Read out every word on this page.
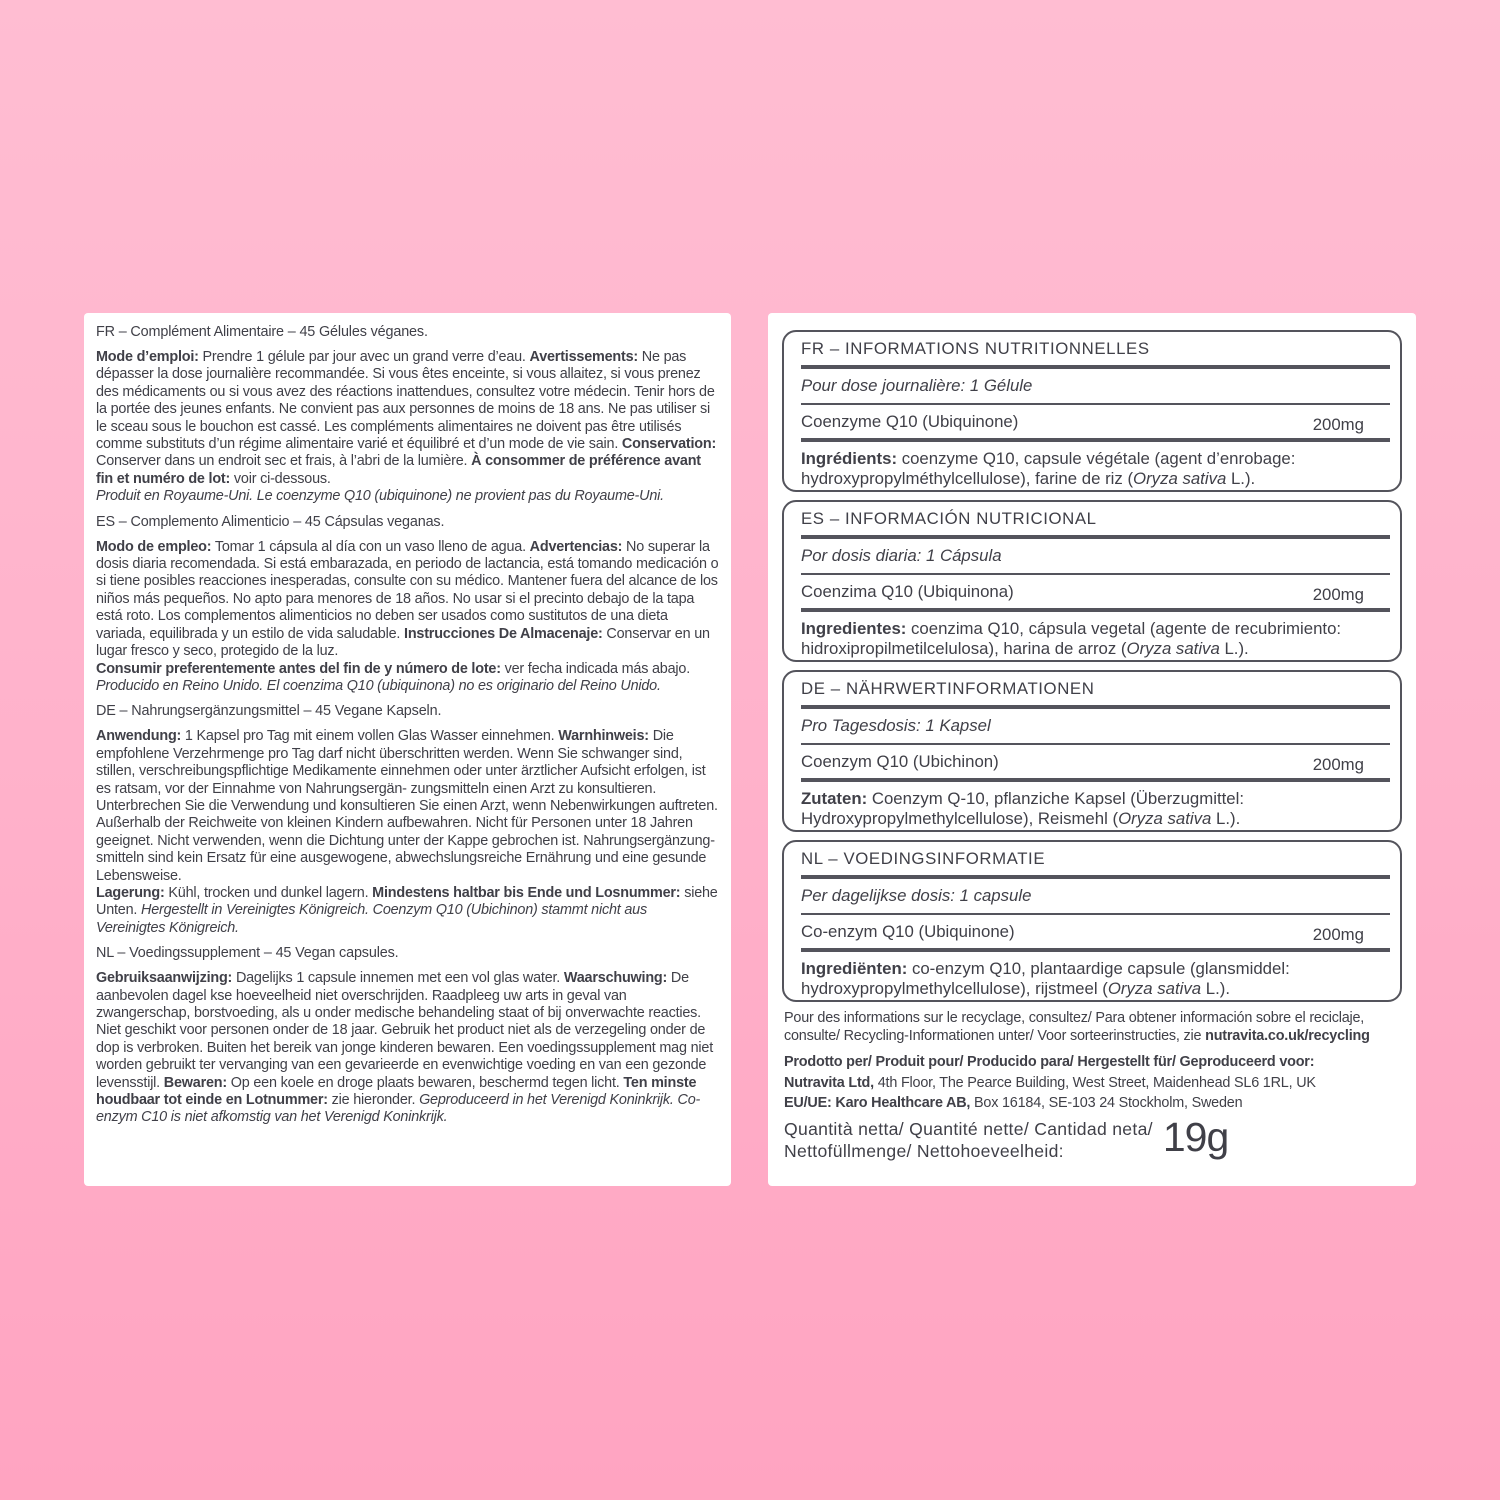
FR – Complément Alimentaire – 45 Gélules véganes.
Mode d’emploi: Prendre 1 gélule par jour avec un grand verre d’eau. Avertissements: Ne pas dépasser la dose journalière recommandée. Si vous êtes enceinte, si vous allaitez, si vous prenez des médicaments ou si vous avez des réactions inattendues, consultez votre médecin. Tenir hors de la portée des jeunes enfants. Ne convient pas aux personnes de moins de 18 ans. Ne pas utiliser si le sceau sous le bouchon est cassé. Les compléments alimentaires ne doivent pas être utilisés comme substituts d’un régime alimentaire varié et équilibré et d’un mode de vie sain. Conservation: Conserver dans un endroit sec et frais, à l’abri de la lumière. À consommer de préférence avant fin et numéro de lot: voir ci-dessous.
Produit en Royaume-Uni. Le coenzyme Q10 (ubiquinone) ne provient pas du Royaume-Uni.
ES – Complemento Alimenticio – 45 Cápsulas veganas.
Modo de empleo: Tomar 1 cápsula al día con un vaso lleno de agua. Advertencias: No superar la dosis diaria recomendada. Si está embarazada, en periodo de lactancia, está tomando medicación o si tiene posibles reacciones inesperadas, consulte con su médico. Mantener fuera del alcance de los niños más pequeños. No apto para menores de 18 años. No usar si el precinto debajo de la tapa está roto. Los complementos alimenticios no deben ser usados como sustitutos de una dieta variada, equilibrada y un estilo de vida saludable. Instrucciones De Almacenaje: Conservar en un lugar fresco y seco, protegido de la luz.
Consumir preferentemente antes del fin de y número de lote: ver fecha indicada más abajo.
Producido en Reino Unido. El coenzima Q10 (ubiquinona) no es originario del Reino Unido.
DE – Nahrungsergänzungsmittel – 45 Vegane Kapseln.
Anwendung: 1 Kapsel pro Tag mit einem vollen Glas Wasser einnehmen. Warnhinweis: Die empfohlene Verzehrmenge pro Tag darf nicht überschritten werden. Wenn Sie schwanger sind, stillen, verschreibungspflichtige Medikamente einnehmen oder unter ärztlicher Aufsicht erfolgen, ist es ratsam, vor der Einnahme von Nahrungsergän- zungsmitteln einen Arzt zu konsultieren. Unterbrechen Sie die Verwendung und konsultieren Sie einen Arzt, wenn Nebenwirkungen auftreten. Außerhalb der Reichweite von kleinen Kindern aufbewahren. Nicht für Personen unter 18 Jahren geeignet. Nicht verwenden, wenn die Dichtung unter der Kappe gebrochen ist. Nahrungsergänzung- smitteln sind kein Ersatz für eine ausgewogene, abwechslungsreiche Ernährung und eine gesunde Lebensweise.
Lagerung: Kühl, trocken und dunkel lagern. Mindestens haltbar bis Ende und Losnummer: siehe Unten. Hergestellt in Vereinigtes Königreich. Coenzym Q10 (Ubichinon) stammt nicht aus Vereinigtes Königreich.
NL – Voedingssupplement – 45 Vegan capsules.
Gebruiksaanwijzing: Dagelijks 1 capsule innemen met een vol glas water. Waarschuwing: De aanbevolen dagel kse hoeveelheid niet overschrijden. Raadpleeg uw arts in geval van zwangerschap, borstvoeding, als u onder medische behandeling staat of bij onverwachte reacties. Niet geschikt voor personen onder de 18 jaar. Gebruik het product niet als de verzegeling onder de dop is verbroken. Buiten het bereik van jonge kinderen bewaren. Een voedingssupplement mag niet worden gebruikt ter vervanging van een gevarieerde en evenwichtige voeding en van een gezonde levensstijl. Bewaren: Op een koele en droge plaats bewaren, beschermd tegen licht. Ten minste houdbaar tot einde en Lotnummer: zie hieronder. Geproduceerd in het Verenigd Koninkrijk. Co-enzym C10 is niet afkomstig van het Verenigd Koninkrijk.
FR – INFORMATIONS NUTRITIONNELLES
Pour dose journalière: 1 Gélule
Coenzyme Q10 (Ubiquinone)	200mg
Ingrédients: coenzyme Q10, capsule végétale (agent d’enrobage: hydroxypropylméthylcellulose), farine de riz (Oryza sativa L.).
ES – INFORMACIÓN NUTRICIONAL
Por dosis diaria: 1 Cápsula
Coenzima Q10 (Ubiquinona)	200mg
Ingredientes: coenzima Q10, cápsula vegetal (agente de recubrimiento: hidroxipropilmetilcelulosa), harina de arroz (Oryza sativa L.).
DE – NÄHRWERTINFORMATIONEN
Pro Tagesdosis: 1 Kapsel
Coenzym Q10 (Ubichinon)	200mg
Zutaten: Coenzym Q-10, pflanziche Kapsel (Überzugmittel: Hydroxypropylmethylcellulose), Reismehl (Oryza sativa L.).
NL – VOEDINGSINFORMATIE
Per dagelijkse dosis: 1 capsule
Co-enzym Q10 (Ubiquinone)	200mg
Ingrediënten: co-enzym Q10, plantaardige capsule (glansmiddel: hydroxypropylmethylcellulose), rijstmeel (Oryza sativa L.).
Pour des informations sur le recyclage, consultez/ Para obtener información sobre el reciclaje, consulte/ Recycling-Informationen unter/ Voor sorteerinstructies, zie nutravita.co.uk/recycling
Prodotto per/ Produit pour/ Producido para/ Hergestellt für/ Geproduceerd voor:
Nutravita Ltd, 4th Floor, The Pearce Building, West Street, Maidenhead SL6 1RL, UK
EU/UE: Karo Healthcare AB, Box 16184, SE-103 24 Stockholm, Sweden
Quantità netta/ Quantité nette/ Cantidad neta/
Nettofüllmenge/ Nettohoeveelheid:	19g
